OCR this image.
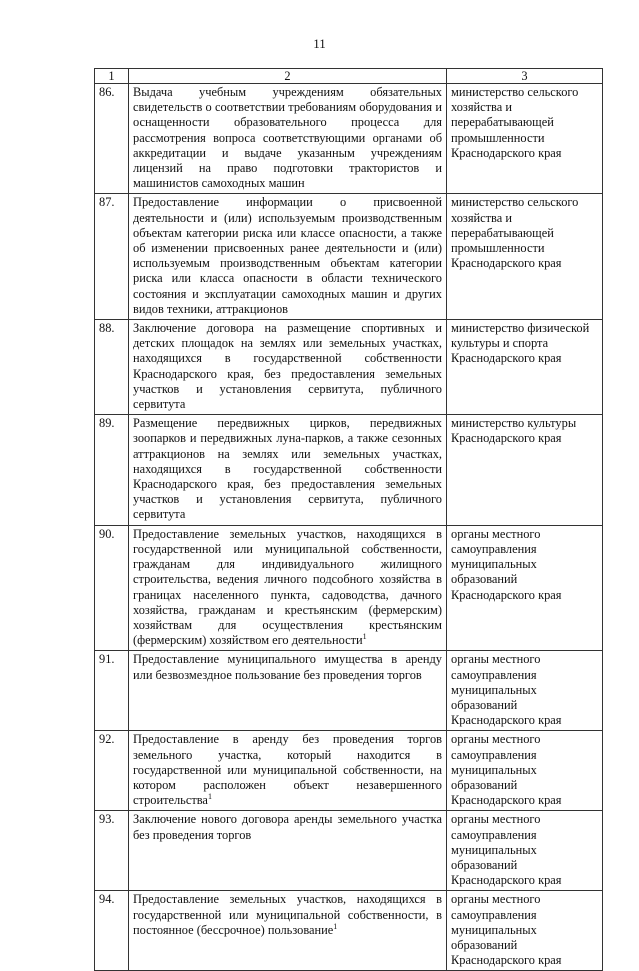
11
1	2	3
86.	Выдача учебным учреждениям обязательных свидетельств о соответствии требованиям оборудования и оснащенности образовательного процесса для рассмотрения вопроса соответствующими органами об аккредитации и выдаче указанным учреждениям лицензий на право подготовки трактористов и машинистов самоходных машин	министерство сельского хозяйства и перерабатывающей промышленности Краснодарского края
87.	Предоставление информации о присвоенной деятельности и (или) используемым производственным объектам категории риска или классе опасности, а также об изменении присвоенных ранее деятельности и (или) используемым производственным объектам категории риска или класса опасности в области технического состояния и эксплуатации самоходных машин и других видов техники, аттракционов	министерство сельского хозяйства и перерабатывающей промышленности Краснодарского края
88.	Заключение договора на размещение спортивных и детских площадок на землях или земельных участках, находящихся в государственной собственности Краснодарского края, без предоставления земельных участков и установления сервитута, публичного сервитута	министерство физической культуры и спорта Краснодарского края
89.	Размещение передвижных цирков, передвижных зоопарков и передвижных луна-парков, а также сезонных аттракционов на землях или земельных участках, находящихся в государственной собственности Краснодарского края, без предоставления земельных участков и установления сервитута, публичного сервитута	министерство культуры Краснодарского края
90.	Предоставление земельных участков, находящихся в государственной или муниципальной собственности, гражданам для индивидуального жилищного строительства, ведения личного подсобного хозяйства в границах населенного пункта, садоводства, дачного хозяйства, гражданам и крестьянским (фермерским) хозяйствам для осуществления крестьянским (фермерским) хозяйством его деятельности$^1$	органы местного самоуправления муниципальных образований Краснодарского края
91.	Предоставление муниципального имущества в аренду или безвозмездное пользование без проведения торгов	органы местного самоуправления муниципальных образований Краснодарского края
92.	Предоставление в аренду без проведения торгов земельного участка, который находится в государственной или муниципальной собственности, на котором расположен объект незавершенного строительства$^1$	органы местного самоуправления муниципальных образований Краснодарского края
93.	Заключение нового договора аренды земельного участка без проведения торгов	органы местного самоуправления муниципальных образований Краснодарского края
94.	Предоставление земельных участков, находящихся в государственной или муниципальной собственности, в постоянное (бессрочное) пользование$^1$	органы местного самоуправления муниципальных образований Краснодарского края
